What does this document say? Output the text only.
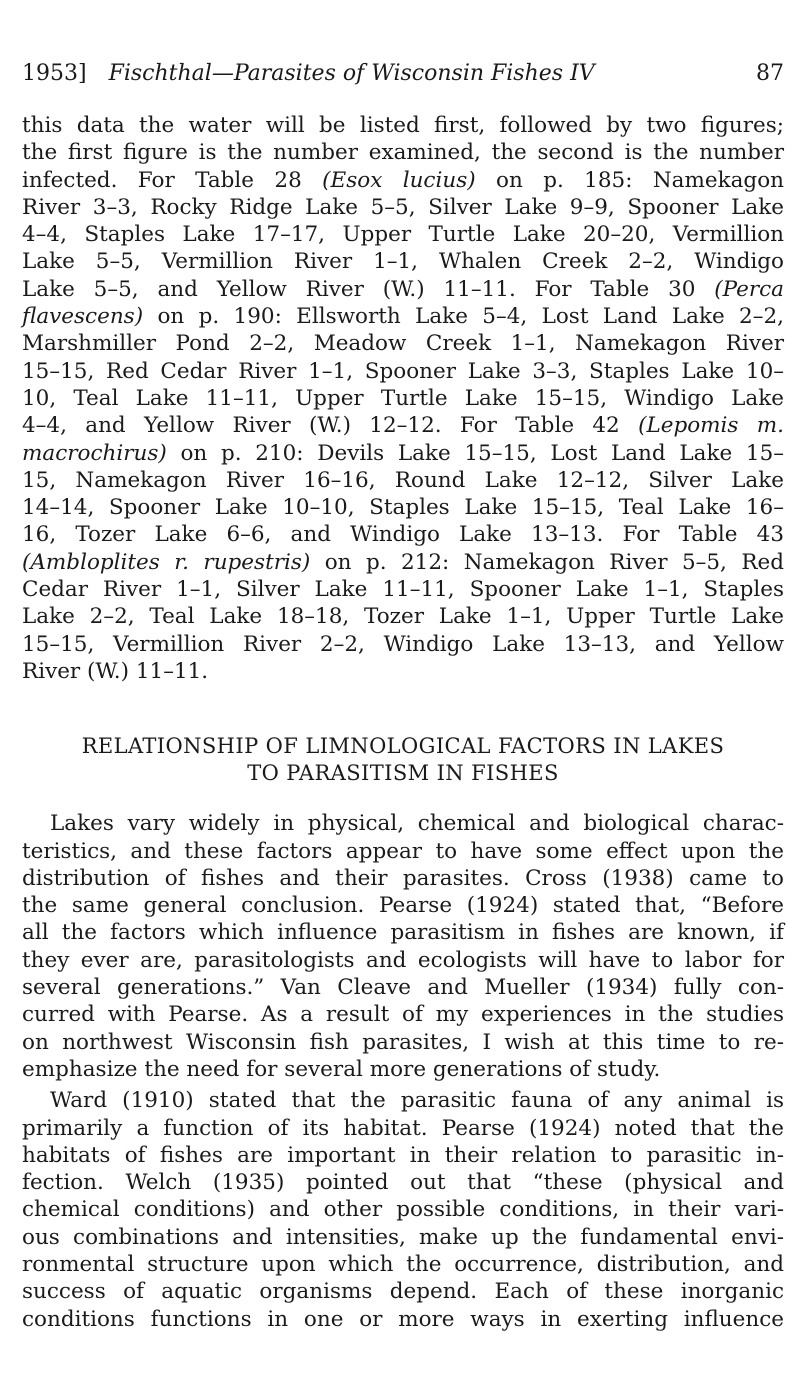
1953]	Fischthal—Parasites of Wisconsin Fishes IV	87
this data the water will be listed first, followed by two figures;
the first figure is the number examined, the second is the number
infected. For Table 28 (Esox lucius) on p. 185: Namekagon
River 3–3, Rocky Ridge Lake 5–5, Silver Lake 9–9, Spooner Lake
4–4, Staples Lake 17–17, Upper Turtle Lake 20–20, Vermillion
Lake 5–5, Vermillion River 1–1, Whalen Creek 2–2, Windigo
Lake 5–5, and Yellow River (W.) 11–11. For Table 30 (Perca
flavescens) on p. 190: Ellsworth Lake 5–4, Lost Land Lake 2–2,
Marshmiller Pond 2–2, Meadow Creek 1–1, Namekagon River
15–15, Red Cedar River 1–1, Spooner Lake 3–3, Staples Lake 10–
10, Teal Lake 11–11, Upper Turtle Lake 15–15, Windigo Lake
4–4, and Yellow River (W.) 12–12. For Table 42 (Lepomis m.
macrochirus) on p. 210: Devils Lake 15–15, Lost Land Lake 15–
15, Namekagon River 16–16, Round Lake 12–12, Silver Lake
14–14, Spooner Lake 10–10, Staples Lake 15–15, Teal Lake 16–
16, Tozer Lake 6–6, and Windigo Lake 13–13. For Table 43
(Ambloplites r. rupestris) on p. 212: Namekagon River 5–5, Red
Cedar River 1–1, Silver Lake 11–11, Spooner Lake 1–1, Staples
Lake 2–2, Teal Lake 18–18, Tozer Lake 1–1, Upper Turtle Lake
15–15, Vermillion River 2–2, Windigo Lake 13–13, and Yellow
River (W.) 11–11.
RELATIONSHIP OF LIMNOLOGICAL FACTORS IN LAKES
TO PARASITISM IN FISHES
Lakes vary widely in physical, chemical and biological charac-
teristics, and these factors appear to have some effect upon the
distribution of fishes and their parasites. Cross (1938) came to
the same general conclusion. Pearse (1924) stated that, “Before
all the factors which influence parasitism in fishes are known, if
they ever are, parasitologists and ecologists will have to labor for
several generations.” Van Cleave and Mueller (1934) fully con-
curred with Pearse. As a result of my experiences in the studies
on northwest Wisconsin fish parasites, I wish at this time to re-
emphasize the need for several more generations of study.
Ward (1910) stated that the parasitic fauna of any animal is
primarily a function of its habitat. Pearse (1924) noted that the
habitats of fishes are important in their relation to parasitic in-
fection. Welch (1935) pointed out that “these (physical and
chemical conditions) and other possible conditions, in their vari-
ous combinations and intensities, make up the fundamental envi-
ronmental structure upon which the occurrence, distribution, and
success of aquatic organisms depend. Each of these inorganic
conditions functions in one or more ways in exerting influence
